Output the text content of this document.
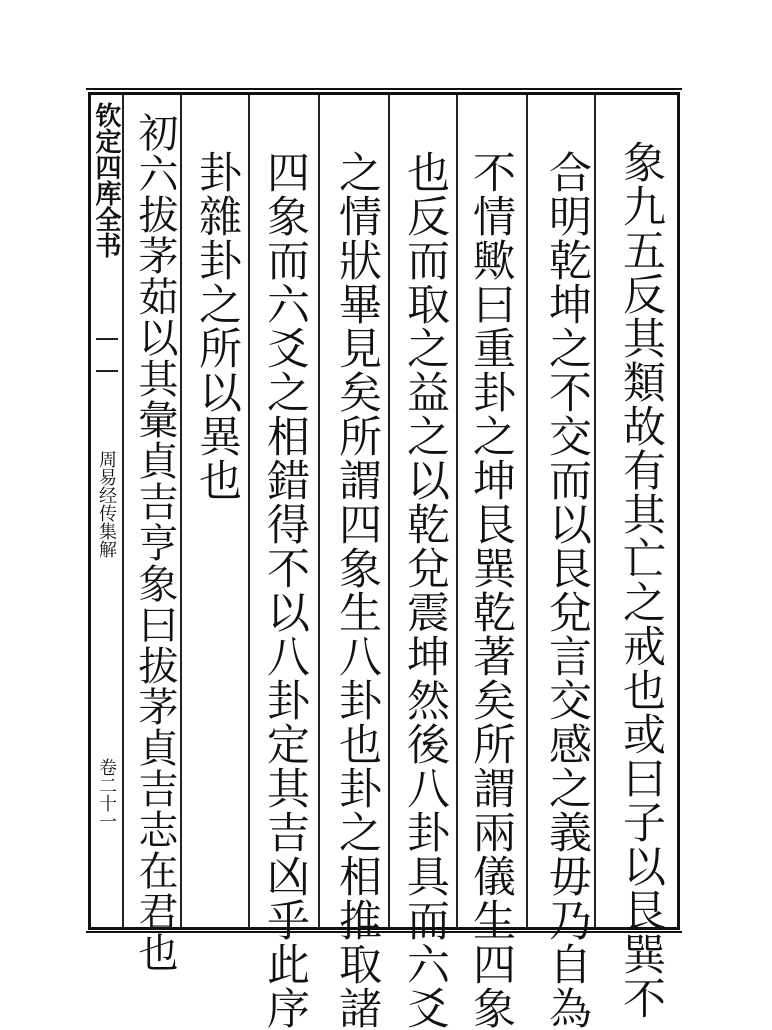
钦定四库全书
周易经传集解
卷二十一	象九五反其類故有其亡之戒也或曰子以艮巽不
合明乾坤之不交而以艮兌言交感之義毋乃自為
不情歟曰重卦之坤艮巽乾著矣所謂兩儀生四象
也反而取之益之以乾兌震坤然後八卦具而六爻
之情狀畢見矣所謂四象生八卦也卦之相推取諸
四象而六爻之相錯得不以八卦定其吉凶乎此序
卦雜卦之所以異也
初六拔茅茹以其彙貞吉亨象曰拔茅貞吉志在君也
